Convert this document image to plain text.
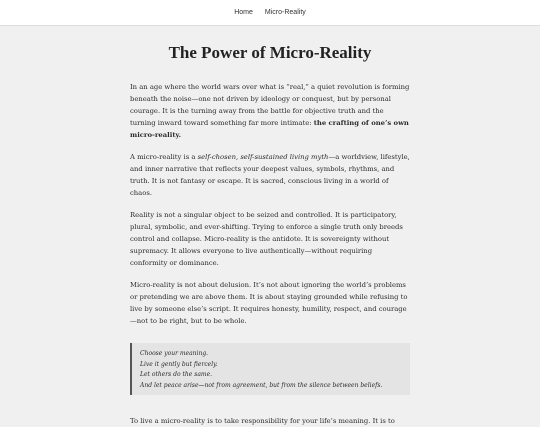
Home Micro-Reality
The Power of Micro-Reality

In an age where the world wars over what is “real,” a quiet revolution is forming beneath the noise—one not driven by ideology or conquest, but by personal courage. It is the turning away from the battle for objective truth and the turning inward toward something far more intimate: the crafting of one’s own micro-reality.

A micro-reality is a self-chosen, self-sustained living myth—a worldview, lifestyle, and inner narrative that reflects your deepest values, symbols, rhythms, and truth. It is not fantasy or escape. It is sacred, conscious living in a world of chaos.

Reality is not a singular object to be seized and controlled. It is participatory, plural, symbolic, and ever-shifting. Trying to enforce a single truth only breeds control and collapse. Micro-reality is the antidote. It is sovereignty without supremacy. It allows everyone to live authentically—without requiring conformity or dominance.

Micro-reality is not about delusion. It’s not about ignoring the world’s problems or pretending we are above them. It is about staying grounded while refusing to live by someone else’s script. It requires honesty, humility, respect, and courage—not to be right, but to be whole.

Choose your meaning.
Live it gently but fiercely.
Let others do the same.
And let peace arise—not from agreement, but from the silence between beliefs.

To live a micro-reality is to take responsibility for your life’s meaning. It is to
